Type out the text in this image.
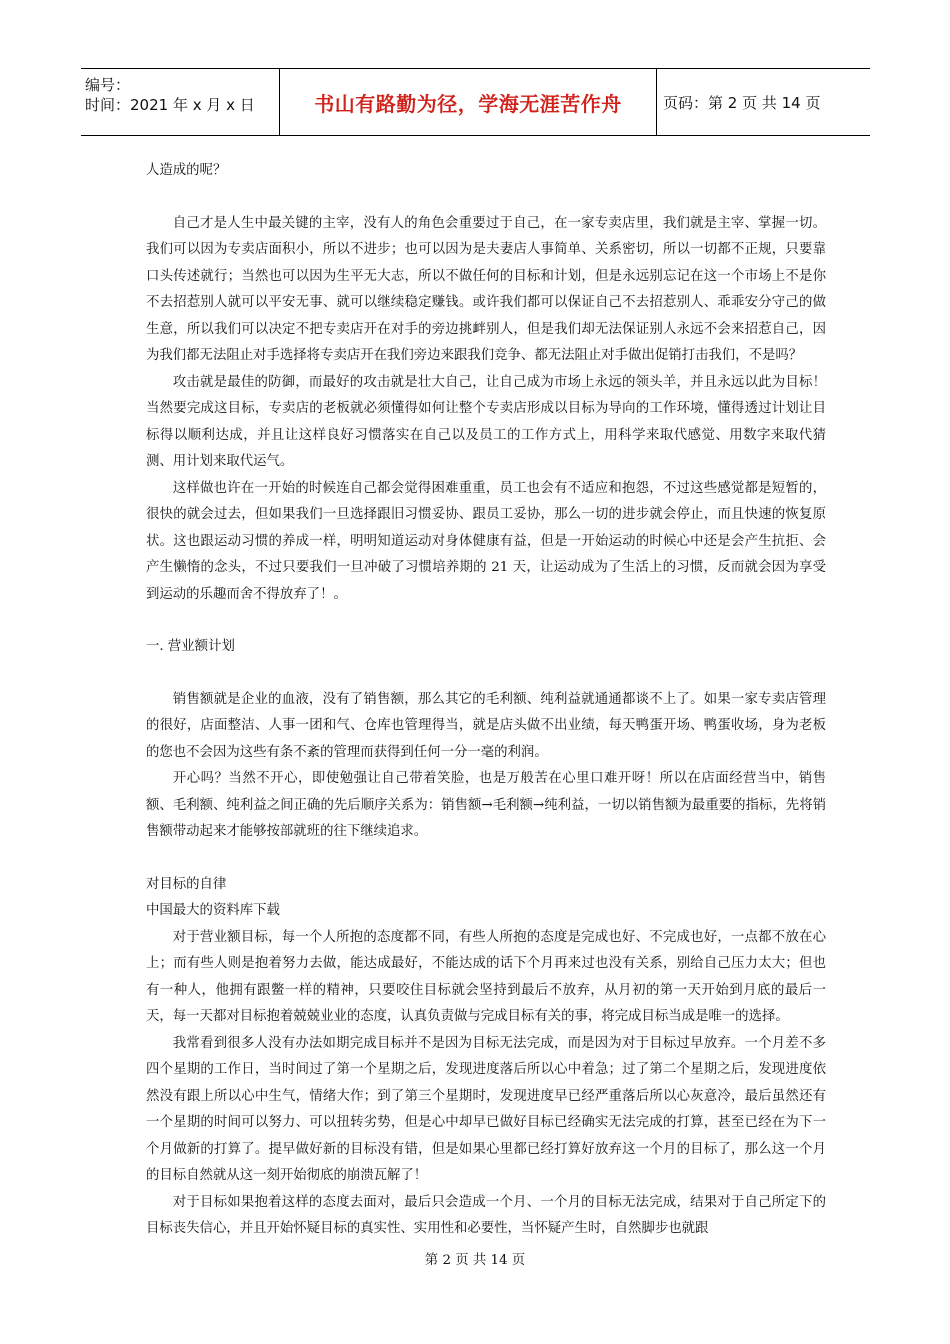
编号：
时间：2021 年 x 月 x 日	书山有路勤为径，学海无涯苦作舟	页码：第 2 页 共 14 页

人造成的呢？

自己才是人生中最关键的主宰，没有人的角色会重要过于自己，在一家专卖店里，我们就是主宰、掌握一切。我们可以因为专卖店面积小，所以不进步；也可以因为是夫妻店人事简单、关系密切，所以一切都不正规，只要靠口头传述就行；当然也可以因为生平无大志，所以不做任何的目标和计划，但是永远别忘记在这一个市场上不是你不去招惹别人就可以平安无事、就可以继续稳定赚钱。或许我们都可以保证自己不去招惹别人、乖乖安分守己的做生意，所以我们可以决定不把专卖店开在对手的旁边挑衅别人，但是我们却无法保证别人永远不会来招惹自己，因为我们都无法阻止对手选择将专卖店开在我们旁边来跟我们竞争、都无法阻止对手做出促销打击我们，不是吗？

攻击就是最佳的防御，而最好的攻击就是壮大自己，让自己成为市场上永远的领头羊，并且永远以此为目标！当然要完成这目标，专卖店的老板就必须懂得如何让整个专卖店形成以目标为导向的工作环境，懂得透过计划让目标得以顺利达成，并且让这样良好习惯落实在自己以及员工的工作方式上，用科学来取代感觉、用数字来取代猜测、用计划来取代运气。

这样做也许在一开始的时候连自己都会觉得困难重重，员工也会有不适应和抱怨，不过这些感觉都是短暂的，很快的就会过去，但如果我们一旦选择跟旧习惯妥协、跟员工妥协，那么一切的进步就会停止，而且快速的恢复原状。这也跟运动习惯的养成一样，明明知道运动对身体健康有益，但是一开始运动的时候心中还是会产生抗拒、会产生懒惰的念头，不过只要我们一旦冲破了习惯培养期的 21 天，让运动成为了生活上的习惯，反而就会因为享受到运动的乐趣而舍不得放弃了！。

一. 营业额计划

销售额就是企业的血液，没有了销售额，那么其它的毛利额、纯利益就通通都谈不上了。如果一家专卖店管理的很好，店面整洁、人事一团和气、仓库也管理得当，就是店头做不出业绩，每天鸭蛋开场、鸭蛋收场，身为老板的您也不会因为这些有条不紊的管理而获得到任何一分一毫的利润。

开心吗？当然不开心，即使勉强让自己带着笑脸，也是万般苦在心里口难开呀！所以在店面经营当中，销售额、毛利额、纯利益之间正确的先后顺序关系为：销售额→毛利额→纯利益，一切以销售额为最重要的指标，先将销售额带动起来才能够按部就班的往下继续追求。

对目标的自律

中国最大的资料库下载

对于营业额目标，每一个人所抱的态度都不同，有些人所抱的态度是完成也好、不完成也好，一点都不放在心上；而有些人则是抱着努力去做，能达成最好，不能达成的话下个月再来过也没有关系，别给自己压力太大；但也有一种人，他拥有跟鳖一样的精神，只要咬住目标就会坚持到最后不放弃，从月初的第一天开始到月底的最后一天，每一天都对目标抱着兢兢业业的态度，认真负责做与完成目标有关的事，将完成目标当成是唯一的选择。

我常看到很多人没有办法如期完成目标并不是因为目标无法完成，而是因为对于目标过早放弃。一个月差不多四个星期的工作日，当时间过了第一个星期之后，发现进度落后所以心中着急；过了第二个星期之后，发现进度依然没有跟上所以心中生气，情绪大作；到了第三个星期时，发现进度早已经严重落后所以心灰意冷，最后虽然还有一个星期的时间可以努力、可以扭转劣势，但是心中却早已做好目标已经确实无法完成的打算，甚至已经在为下一个月做新的打算了。提早做好新的目标没有错，但是如果心里都已经打算好放弃这一个月的目标了，那么这一个月的目标自然就从这一刻开始彻底的崩溃瓦解了！

对于目标如果抱着这样的态度去面对，最后只会造成一个月、一个月的目标无法完成，结果对于自己所定下的目标丧失信心，并且开始怀疑目标的真实性、实用性和必要性，当怀疑产生时，自然脚步也就跟

第 2 页 共 14 页
